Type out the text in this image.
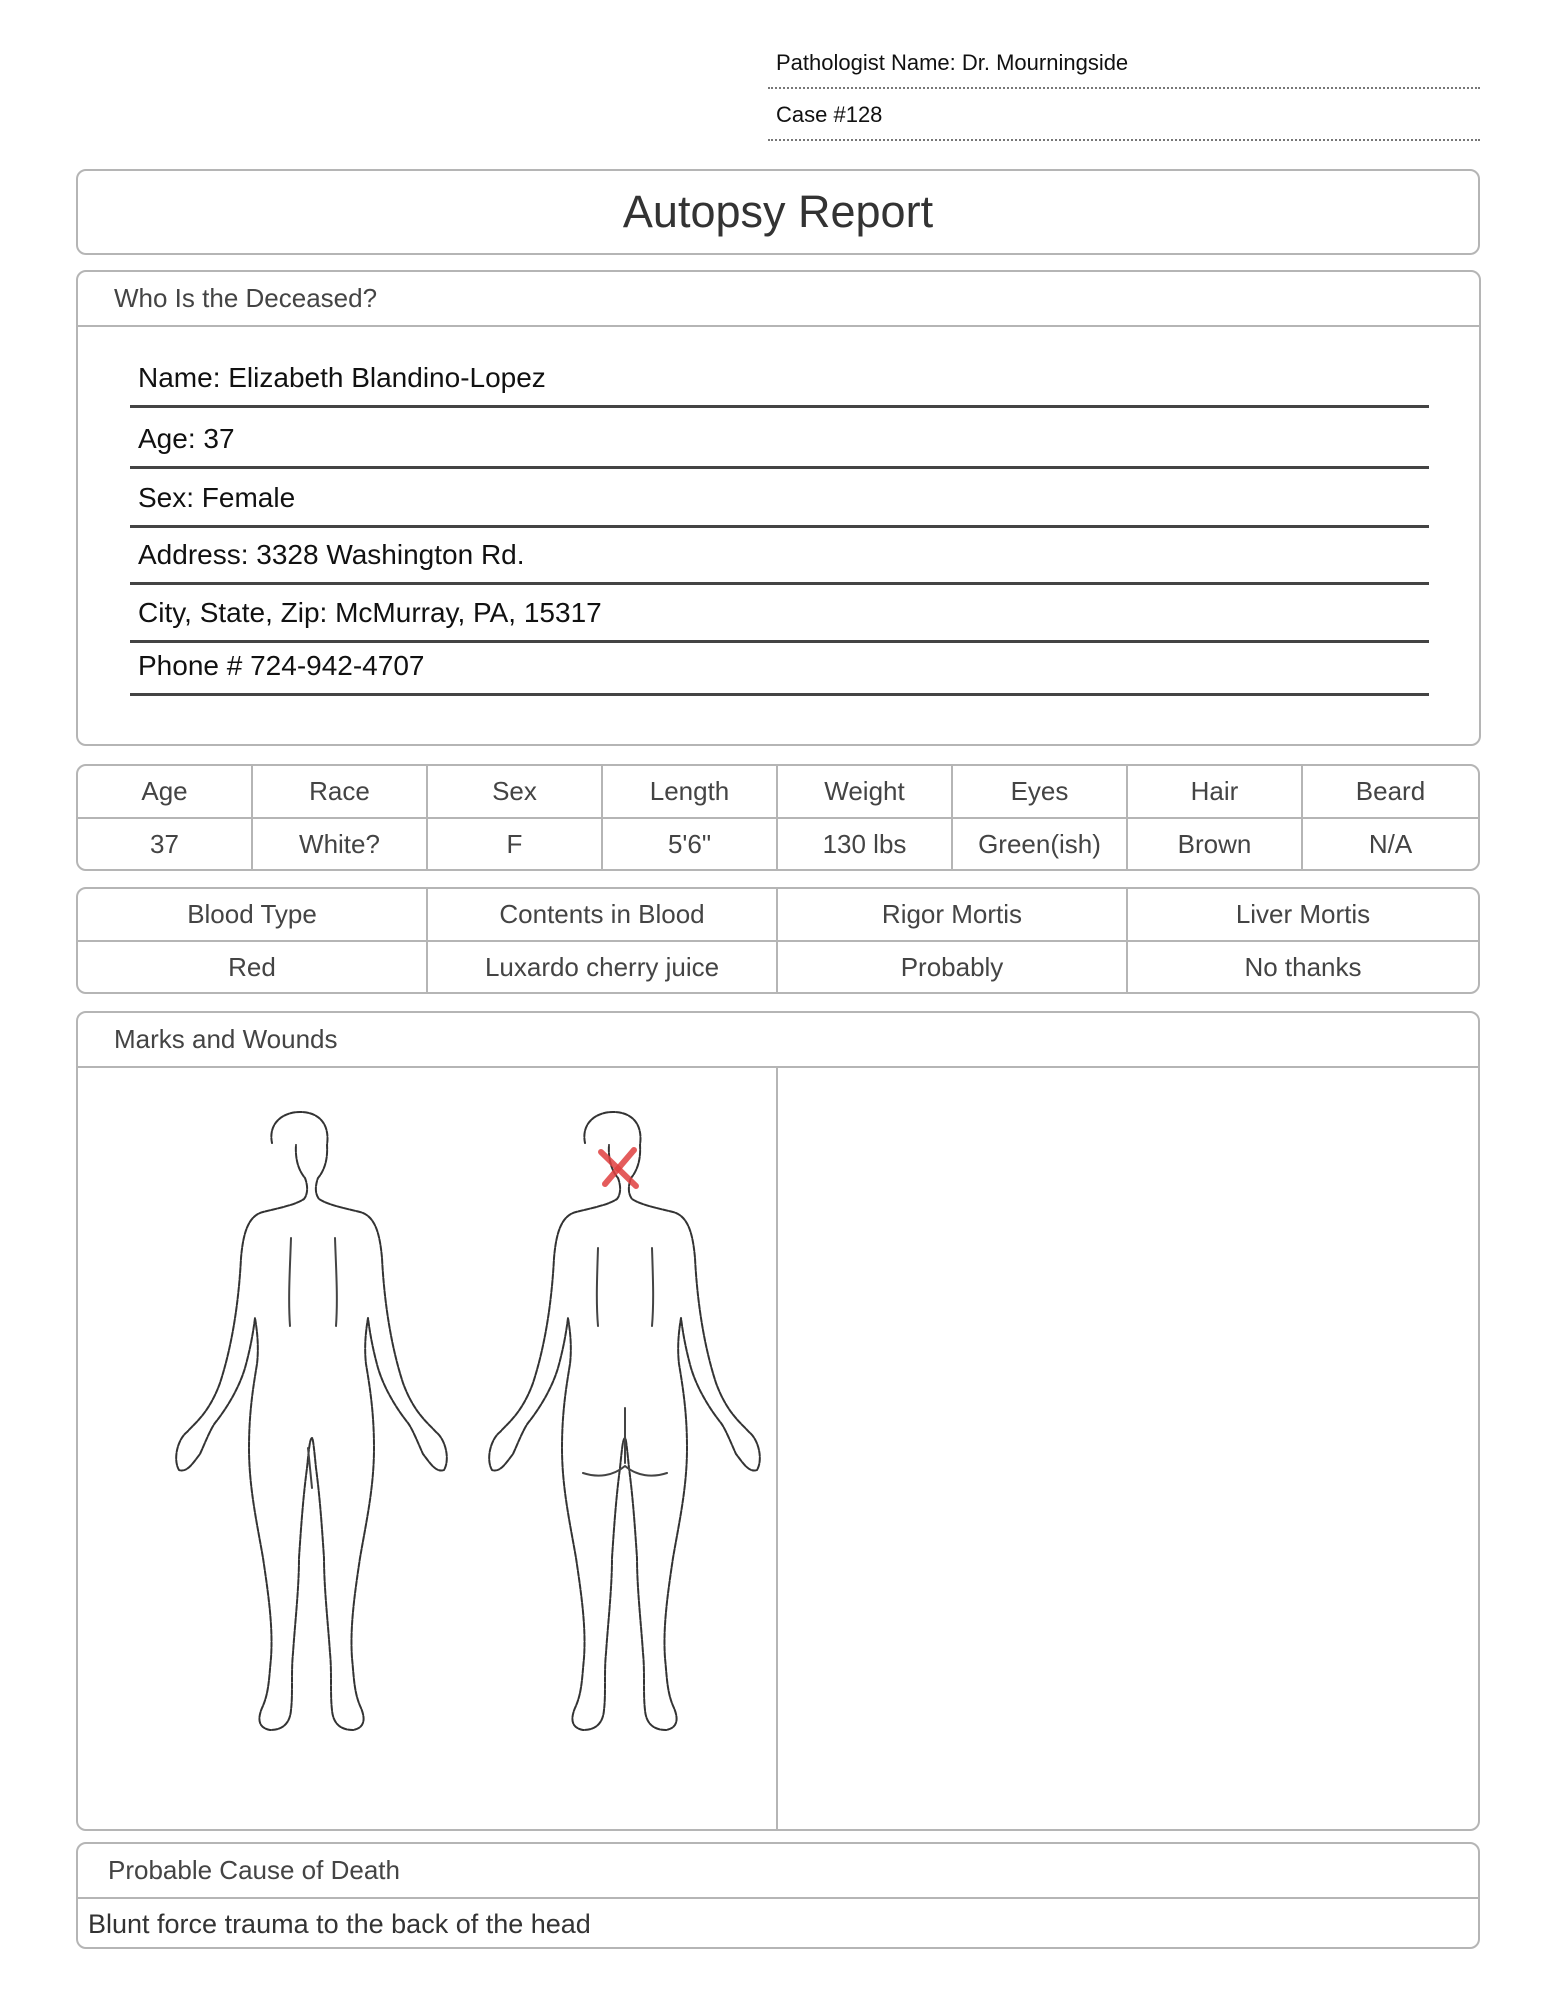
Pathologist Name: Dr. Mourningside
Case #128
Autopsy Report
Who Is the Deceased?
Name: Elizabeth Blandino-Lopez
Age: 37
Sex: Female
Address: 3328 Washington Rd.
City, State, Zip: McMurray, PA, 15317
Phone # 724-942-4707
Age	Race	Sex	Length	Weight	Eyes	Hair	Beard
37	White?	F	5'6"	130 lbs	Green(ish)	Brown	N/A
Blood Type	Contents in Blood	Rigor Mortis	Liver Mortis
Red	Luxardo cherry juice	Probably	No thanks
Marks and Wounds
Probable Cause of Death
Blunt force trauma to the back of the head
